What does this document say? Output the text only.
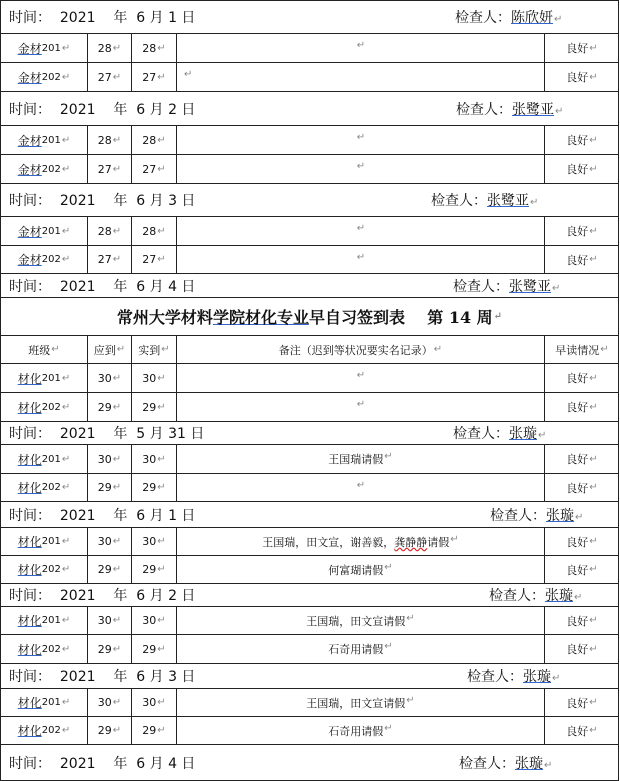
时间：  2021    年  6 月 1 日	检查人：陈欣妍↵
金材 201 ↵	28 ↵ 28 ↵	↵	良好 ↵
金材 202 ↵	27 ↵ 27 ↵ ↵	良好 ↵
时间：  2021    年  6 月 2 日	检查人：张鹭亚↵
金材 201 ↵	28 ↵ 28 ↵	↵	良好 ↵
金材 202 ↵	27 ↵ 27 ↵	↵	良好 ↵
时间：  2021    年  6 月 3 日	检查人：张鹭亚↵
金材 201 ↵	28 ↵ 28 ↵	↵	良好 ↵
金材 202 ↵	27 ↵ 27 ↵	↵	良好 ↵
时间：  2021    年  6 月 4 日	检查人：张鹭亚↵
常州大学材料 学院 材化专业 早自习签到表 第 14 周 ↵
班级 ↵	应到 ↵ 实到 ↵	备注（迟到等状况要实名记录） ↵	早读情况 ↵
材化 201 ↵	30 ↵ 30 ↵	↵	良好 ↵
材化 202 ↵	29 ↵ 29 ↵	↵	良好 ↵
时间：  2021    年  5 月 31 日	检查人：张璇↵
材化 201 ↵	30 ↵ 30 ↵	王国瑞请假 ↵	良好 ↵
材化 202 ↵	29 ↵ 29 ↵	↵	良好 ↵
时间：  2021    年  6 月 1 日	检查人：张璇↵
材化 201 ↵	30 ↵ 30 ↵	王国瑞，田文宣，谢善毅， 龚静静 请假 ↵	良好 ↵
材化 202 ↵	29 ↵ 29 ↵	何富瑚请假 ↵	良好 ↵
时间：  2021    年  6 月 2 日	检查人：张璇↵
材化 201 ↵	30 ↵ 30 ↵	王国瑞，田文宣请假 ↵	良好 ↵
材化 202 ↵	29 ↵ 29 ↵	石奇用请假 ↵	良好 ↵
时间：  2021    年  6 月 3 日	检查人：张璇↵
材化 201 ↵	30 ↵ 30 ↵	王国瑞，田文宣请假 ↵	良好 ↵
材化 202 ↵	29 ↵ 29 ↵	石奇用请假 ↵	良好 ↵
时间：  2021    年  6 月 4 日	检查人：张璇↵
